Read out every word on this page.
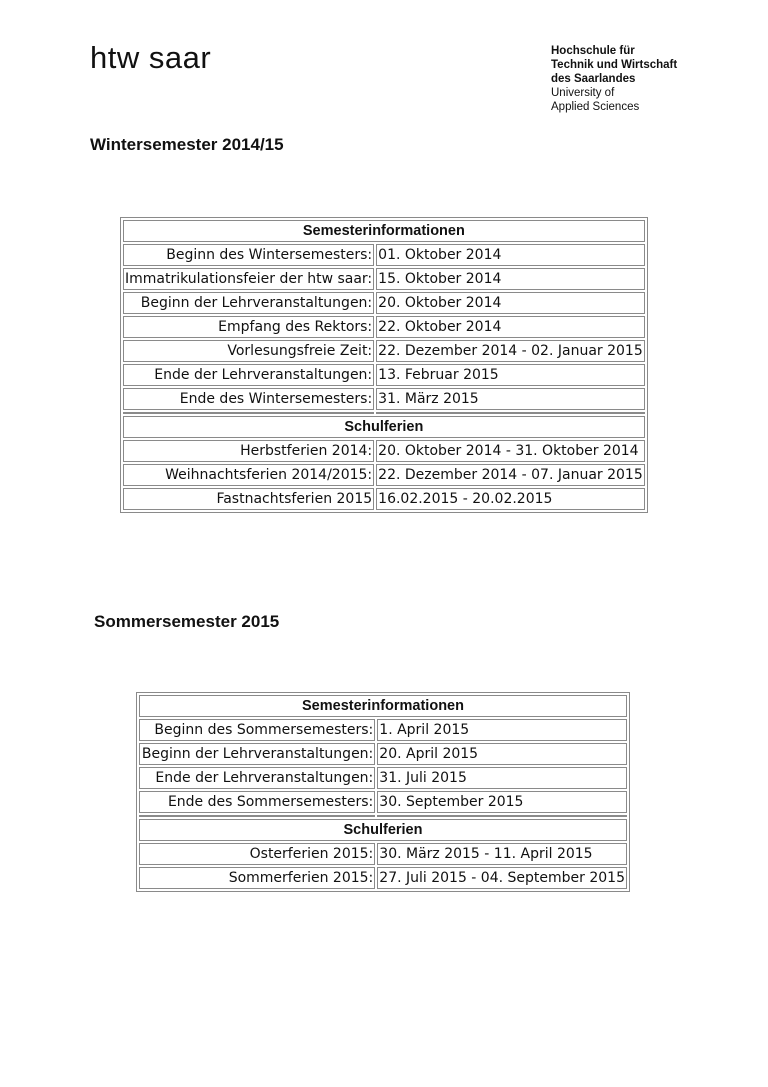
htw saar	Hochschule für
Technik und Wirtschaft
des Saarlandes
University of
Applied Sciences
Wintersemester 2014/15
Semesterinformationen	
Beginn des Wintersemesters:	01. Oktober 2014
Immatrikulationsfeier der htw saar:	15. Oktober 2014
Beginn der Lehrveranstaltungen:	20. Oktober 2014
Empfang des Rektors:	22. Oktober 2014
Vorlesungsfreie Zeit:	22. Dezember 2014 - 02. Januar 2015
Ende der Lehrveranstaltungen:	13. Februar 2015
Ende des Wintersemesters:	31. März 2015

Schulferien	
Herbstferien 2014:	20. Oktober 2014 - 31. Oktober 2014
Weihnachtsferien 2014/2015:	22. Dezember 2014 - 07. Januar 2015
Fastnachtsferien 2015	16.02.2015 - 20.02.2015
Sommersemester 2015
Semesterinformationen	
Beginn des Sommersemesters:	1. April 2015
Beginn der Lehrveranstaltungen:	20. April 2015
Ende der Lehrveranstaltungen:	31. Juli 2015
Ende des Sommersemesters:	30. September 2015

Schulferien	
Osterferien 2015:	30. März 2015 - 11. April 2015
Sommerferien 2015:	27. Juli 2015 - 04. September 2015
